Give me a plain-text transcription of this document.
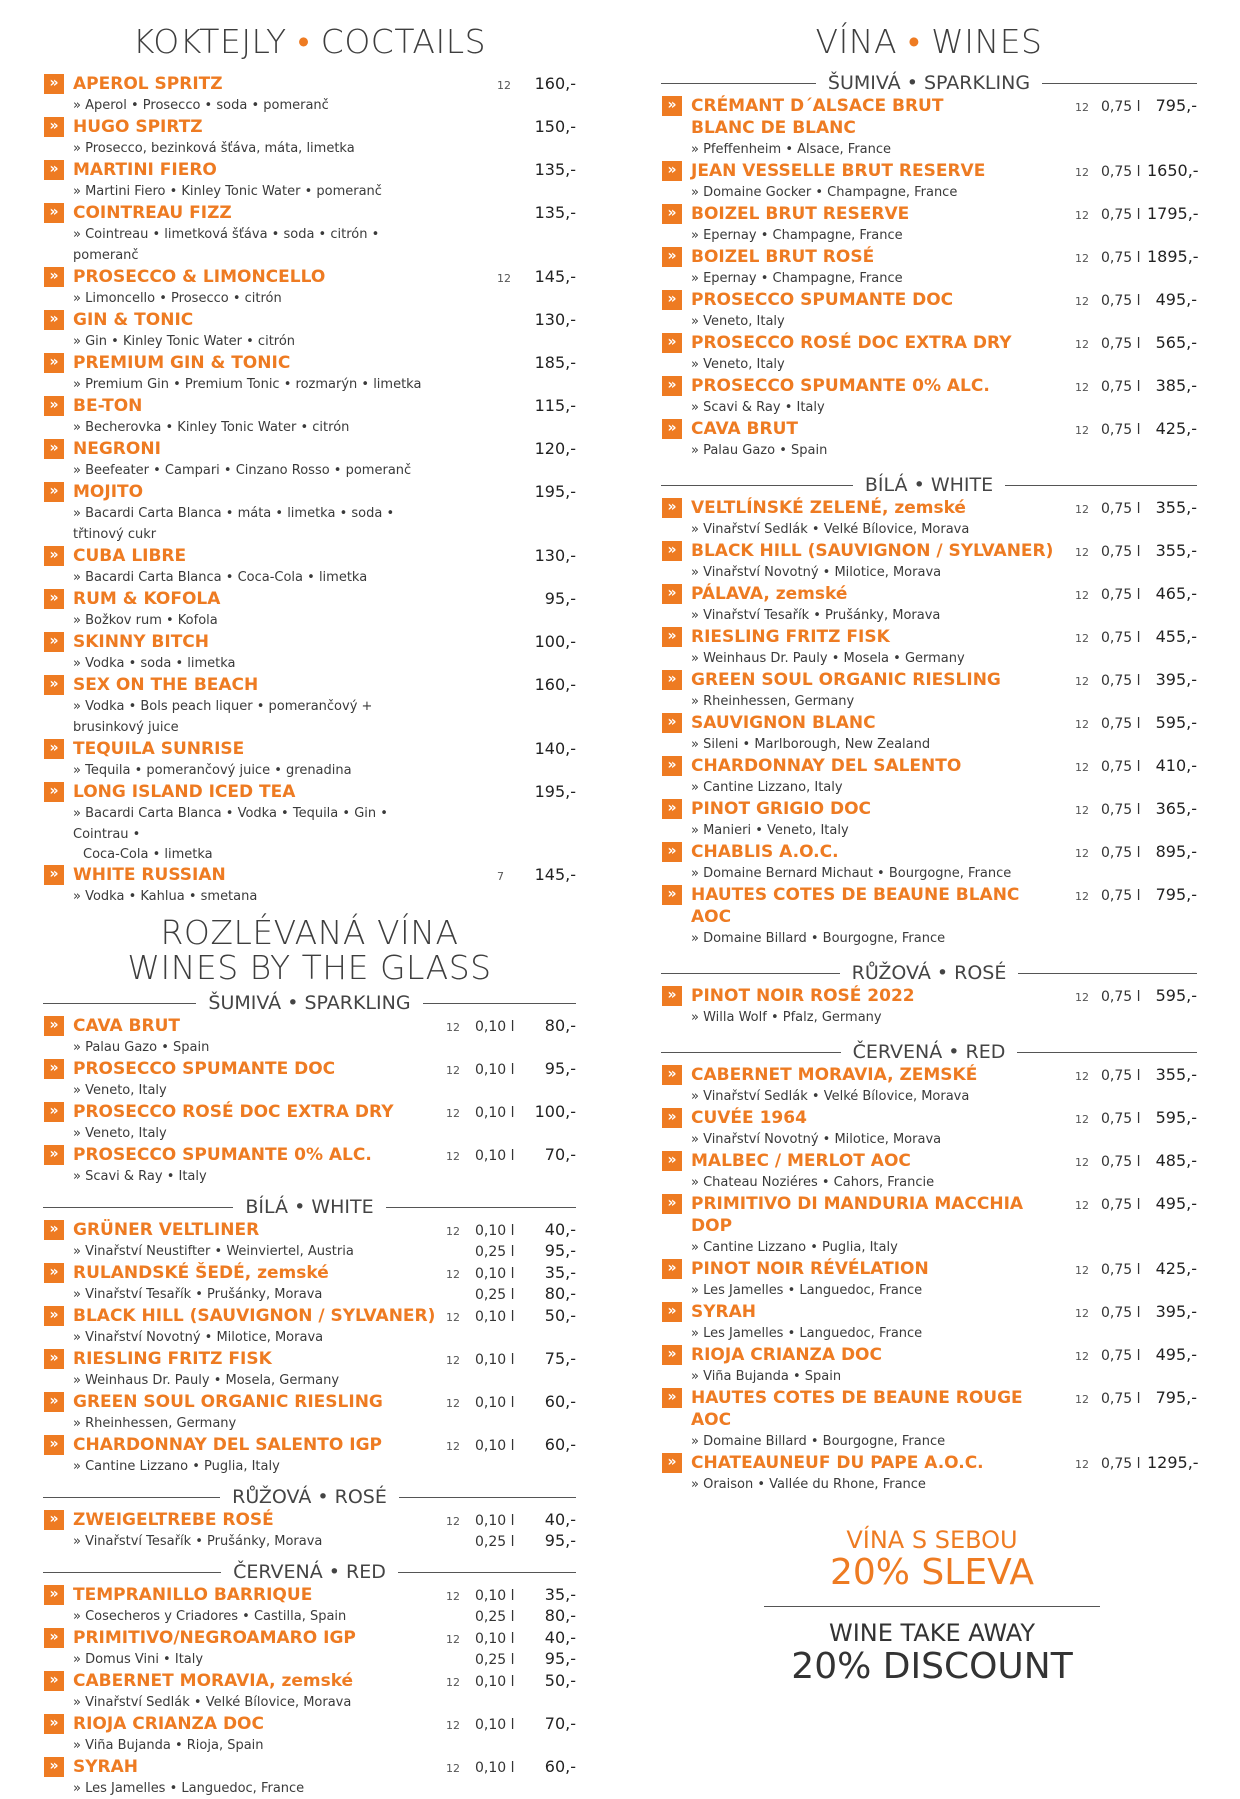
KOKTEJLY • COCTAILS
» APEROL SPRITZ
» Aperol • Prosecco • soda • pomeranč
12 160,-
» HUGO SPIRTZ
» Prosecco, bezinková šťáva, máta, limetka
150,-
» MARTINI FIERO
» Martini Fiero • Kinley Tonic Water • pomeranč
135,-
» COINTREAU FIZZ
» Cointreau • limetková šťáva • soda • citrón • pomeranč
135,-
» PROSECCO & LIMONCELLO
» Limoncello • Prosecco • citrón
12 145,-
» GIN & TONIC
» Gin • Kinley Tonic Water • citrón
130,-
» PREMIUM GIN & TONIC
» Premium Gin • Premium Tonic • rozmarýn • limetka
185,-
» BE-TON
» Becherovka • Kinley Tonic Water • citrón
115,-
» NEGRONI
» Beefeater • Campari • Cinzano Rosso • pomeranč
120,-
» MOJITO
» Bacardi Carta Blanca • máta • limetka • soda • třtinový cukr
195,-
» CUBA LIBRE
» Bacardi Carta Blanca • Coca-Cola • limetka
130,-
» RUM & KOFOLA
» Božkov rum • Kofola
95,-
» SKINNY BITCH
» Vodka • soda • limetka
100,-
» SEX ON THE BEACH
» Vodka • Bols peach liquer • pomerančový + brusinkový juice
160,-
» TEQUILA SUNRISE
» Tequila • pomerančový juice • grenadina
140,-
» LONG ISLAND ICED TEA
» Bacardi Carta Blanca • Vodka • Tequila • Gin • Cointrau •
Coca-Cola • limetka
195,-
» WHITE RUSSIAN
» Vodka • Kahlua • smetana
7 145,-
ROZLÉVANÁ VÍNA
WINES BY THE GLASS
ŠUMIVÁ • SPARKLING
» CAVA BRUT
» Palau Gazo • Spain
12 0,10 l 80,-
» PROSECCO SPUMANTE DOC
» Veneto, Italy
12 0,10 l 95,-
» PROSECCO ROSÉ DOC EXTRA DRY
» Veneto, Italy
12 0,10 l 100,-
» PROSECCO SPUMANTE 0% ALC.
» Scavi & Ray • Italy
12 0,10 l 70,-
BÍLÁ • WHITE
» GRÜNER VELTLINER
» Vinařství Neustifter • Weinviertel, Austria
12 0,10 l 40,-
0,25 l 95,-
» RULANDSKÉ ŠEDÉ, zemské
» Vinařství Tesařík • Prušánky, Morava
12 0,10 l 35,-
0,25 l 80,-
» BLACK HILL (SAUVIGNON / SYLVANER)
» Vinařství Novotný • Milotice, Morava
12 0,10 l 50,-
» RIESLING FRITZ FISK
» Weinhaus Dr. Pauly • Mosela, Germany
12 0,10 l 75,-
» GREEN SOUL ORGANIC RIESLING
» Rheinhessen, Germany
12 0,10 l 60,-
» CHARDONNAY DEL SALENTO IGP
» Cantine Lizzano • Puglia, Italy
12 0,10 l 60,-
RŮŽOVÁ • ROSÉ
» ZWEIGELTREBE ROSÉ
» Vinařství Tesařík • Prušánky, Morava
12 0,10 l 40,-
0,25 l 95,-
ČERVENÁ • RED
» TEMPRANILLO BARRIQUE
» Cosecheros y Criadores • Castilla, Spain
12 0,10 l 35,-
0,25 l 80,-
» PRIMITIVO/NEGROAMARO IGP
» Domus Vini • Italy
12 0,10 l 40,-
0,25 l 95,-
» CABERNET MORAVIA, zemské
» Vinařství Sedlák • Velké Bílovice, Morava
12 0,10 l 50,-
» RIOJA CRIANZA DOC
» Viña Bujanda • Rioja, Spain
12 0,10 l 70,-
» SYRAH
» Les Jamelles • Languedoc, France
12 0,10 l 60,-
VÍNA • WINES
ŠUMIVÁ • SPARKLING
» CRÉMANT D´ALSACE BRUT
BLANC DE BLANC
» Pfeffenheim • Alsace, France
12 0,75 l 795,-
» JEAN VESSELLE BRUT RESERVE
» Domaine Gocker • Champagne, France
12 0,75 l 1650,-
» BOIZEL BRUT RESERVE
» Epernay • Champagne, France
12 0,75 l 1795,-
» BOIZEL BRUT ROSÉ
» Epernay • Champagne, France
12 0,75 l 1895,-
» PROSECCO SPUMANTE DOC
» Veneto, Italy
12 0,75 l 495,-
» PROSECCO ROSÉ DOC EXTRA DRY
» Veneto, Italy
12 0,75 l 565,-
» PROSECCO SPUMANTE 0% ALC.
» Scavi & Ray • Italy
12 0,75 l 385,-
» CAVA BRUT
» Palau Gazo • Spain
12 0,75 l 425,-
BÍLÁ • WHITE
» VELTLÍNSKÉ ZELENÉ, zemské
» Vinařství Sedlák • Velké Bílovice, Morava
12 0,75 l 355,-
» BLACK HILL (SAUVIGNON / SYLVANER)
» Vinařství Novotný • Milotice, Morava
12 0,75 l 355,-
» PÁLAVA, zemské
» Vinařství Tesařík • Prušánky, Morava
12 0,75 l 465,-
» RIESLING FRITZ FISK
» Weinhaus Dr. Pauly • Mosela • Germany
12 0,75 l 455,-
» GREEN SOUL ORGANIC RIESLING
» Rheinhessen, Germany
12 0,75 l 395,-
» SAUVIGNON BLANC
» Sileni • Marlborough, New Zealand
12 0,75 l 595,-
» CHARDONNAY DEL SALENTO
» Cantine Lizzano, Italy
12 0,75 l 410,-
» PINOT GRIGIO DOC
» Manieri • Veneto, Italy
12 0,75 l 365,-
» CHABLIS A.O.C.
» Domaine Bernard Michaut • Bourgogne, France
12 0,75 l 895,-
» HAUTES COTES DE BEAUNE BLANC AOC
» Domaine Billard • Bourgogne, France
12 0,75 l 795,-
RŮŽOVÁ • ROSÉ
» PINOT NOIR ROSÉ 2022
» Willa Wolf • Pfalz, Germany
12 0,75 l 595,-
ČERVENÁ • RED
» CABERNET MORAVIA, ZEMSKÉ
» Vinařství Sedlák • Velké Bílovice, Morava
12 0,75 l 355,-
» CUVÉE 1964
» Vinařství Novotný • Milotice, Morava
12 0,75 l 595,-
» MALBEC / MERLOT AOC
» Chateau Noziéres • Cahors, Francie
12 0,75 l 485,-
» PRIMITIVO DI MANDURIA MACCHIA DOP
» Cantine Lizzano • Puglia, Italy
12 0,75 l 495,-
» PINOT NOIR RÉVÉLATION
» Les Jamelles • Languedoc, France
12 0,75 l 425,-
» SYRAH
» Les Jamelles • Languedoc, France
12 0,75 l 395,-
» RIOJA CRIANZA DOC
» Viña Bujanda • Spain
12 0,75 l 495,-
» HAUTES COTES DE BEAUNE ROUGE AOC
» Domaine Billard • Bourgogne, France
12 0,75 l 795,-
» CHATEAUNEUF DU PAPE A.O.C.
» Oraison • Vallée du Rhone, France
12 0,75 l 1295,-
VÍNA S SEBOU
20% SLEVA
WINE TAKE AWAY
20% DISCOUNT
